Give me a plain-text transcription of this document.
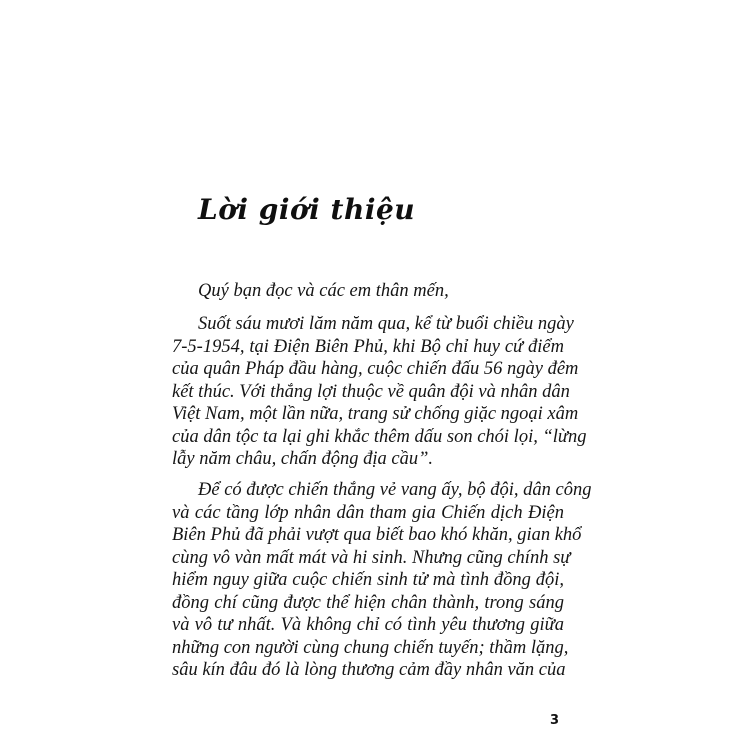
Lời giới thiệu
Quý bạn đọc và các em thân mến,
Suốt sáu mươi lăm năm qua, kể từ buổi chiều ngày
7-5-1954, tại Điện Biên Phủ, khi Bộ chỉ huy cứ điểm
của quân Pháp đầu hàng, cuộc chiến đấu 56 ngày đêm
kết thúc. Với thắng lợi thuộc về quân đội và nhân dân
Việt Nam, một lần nữa, trang sử chống giặc ngoại xâm
của dân tộc ta lại ghi khắc thêm dấu son chói lọi, “lừng
lẫy năm châu, chấn động địa cầu”.
Để có được chiến thắng vẻ vang ấy, bộ đội, dân công
và các tầng lớp nhân dân tham gia Chiến dịch Điện
Biên Phủ đã phải vượt qua biết bao khó khăn, gian khổ
cùng vô vàn mất mát và hi sinh. Nhưng cũng chính sự
hiểm nguy giữa cuộc chiến sinh tử mà tình đồng đội,
đồng chí cũng được thể hiện chân thành, trong sáng
và vô tư nhất. Và không chỉ có tình yêu thương giữa
những con người cùng chung chiến tuyến; thầm lặng,
sâu kín đâu đó là lòng thương cảm đầy nhân văn của
3
